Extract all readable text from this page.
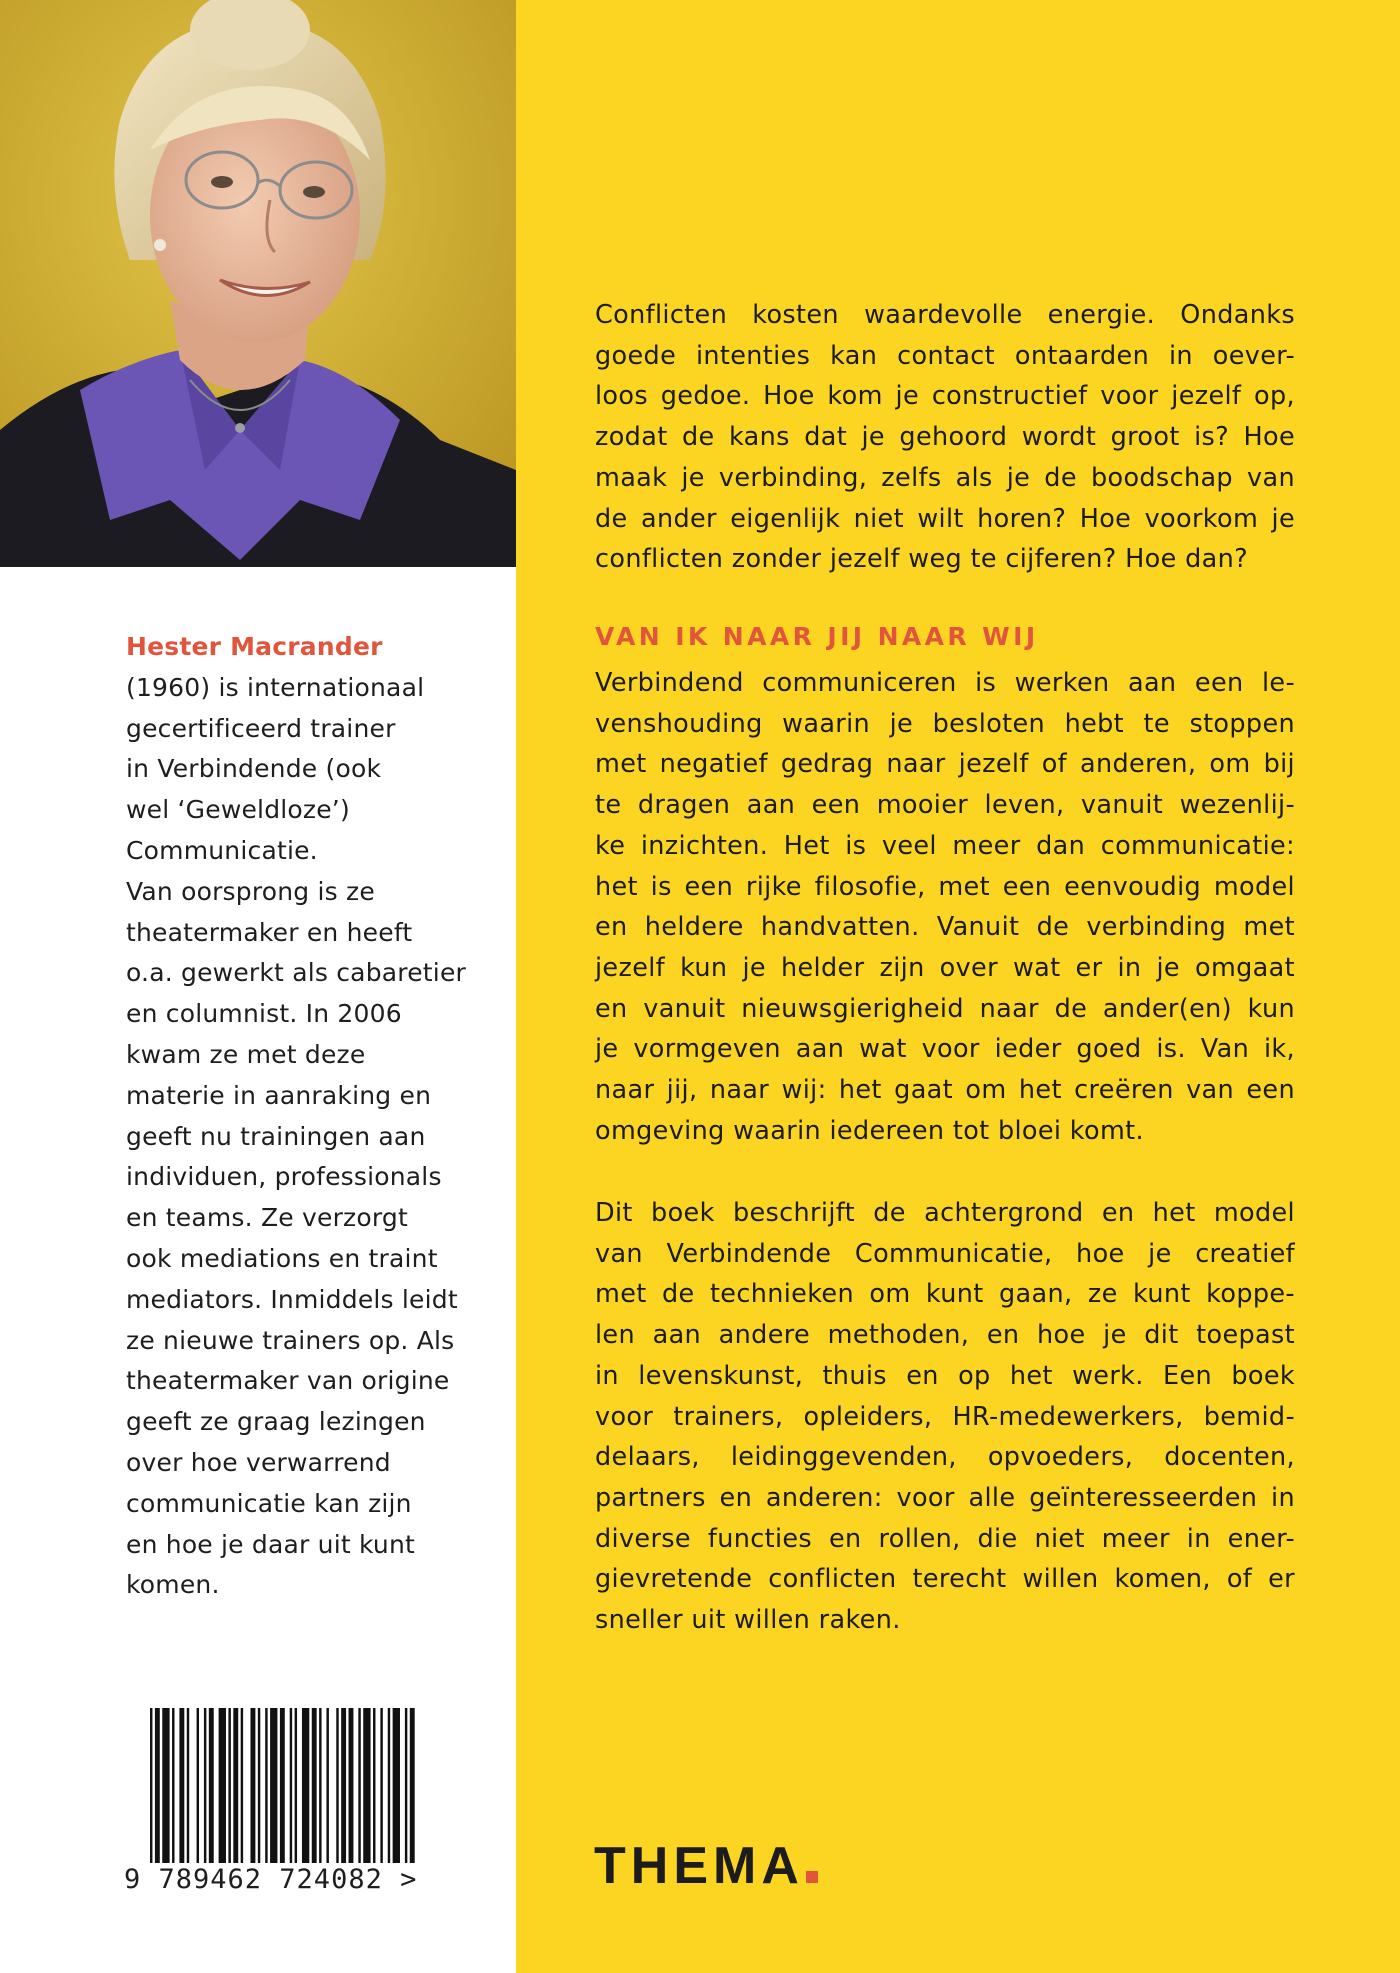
Hester Macrander
(1960) is internationaal
gecertificeerd trainer
in Verbindende (ook
wel ‘Geweldloze’)
Communicatie.
Van oorsprong is ze
theatermaker en heeft
o.a. gewerkt als cabaretier
en columnist. In 2006
kwam ze met deze
materie in aanraking en
geeft nu trainingen aan
individuen, professionals
en teams. Ze verzorgt
ook mediations en traint
mediators. Inmiddels leidt
ze nieuwe trainers op. Als
theatermaker van origine
geeft ze graag lezingen
over hoe verwarrend
communicatie kan zijn
en hoe je daar uit kunt
komen.
9 789462 724082 >
Conflicten kosten waardevolle energie. Ondanks
goede intenties kan contact ontaarden in oever-
loos gedoe. Hoe kom je constructief voor jezelf op,
zodat de kans dat je gehoord wordt groot is? Hoe
maak je verbinding, zelfs als je de boodschap van
de ander eigenlijk niet wilt horen? Hoe voorkom je
conflicten zonder jezelf weg te cijferen? Hoe dan?
VAN IK NAAR JIJ NAAR WIJ
Verbindend communiceren is werken aan een le-
venshouding waarin je besloten hebt te stoppen
met negatief gedrag naar jezelf of anderen, om bij
te dragen aan een mooier leven, vanuit wezenlij-
ke inzichten. Het is veel meer dan communicatie:
het is een rijke filosofie, met een eenvoudig model
en heldere handvatten. Vanuit de verbinding met
jezelf kun je helder zijn over wat er in je omgaat
en vanuit nieuwsgierigheid naar de ander(en) kun
je vormgeven aan wat voor ieder goed is. Van ik,
naar jij, naar wij: het gaat om het creëren van een
omgeving waarin iedereen tot bloei komt.
Dit boek beschrijft de achtergrond en het model
van Verbindende Communicatie, hoe je creatief
met de technieken om kunt gaan, ze kunt koppe-
len aan andere methoden, en hoe je dit toepast
in levenskunst, thuis en op het werk. Een boek
voor trainers, opleiders, HR-medewerkers, bemid-
delaars, leidinggevenden, opvoeders, docenten,
partners en anderen: voor alle geïnteresseerden in
diverse functies en rollen, die niet meer in ener-
gievretende conflicten terecht willen komen, of er
sneller uit willen raken.
THEMA
